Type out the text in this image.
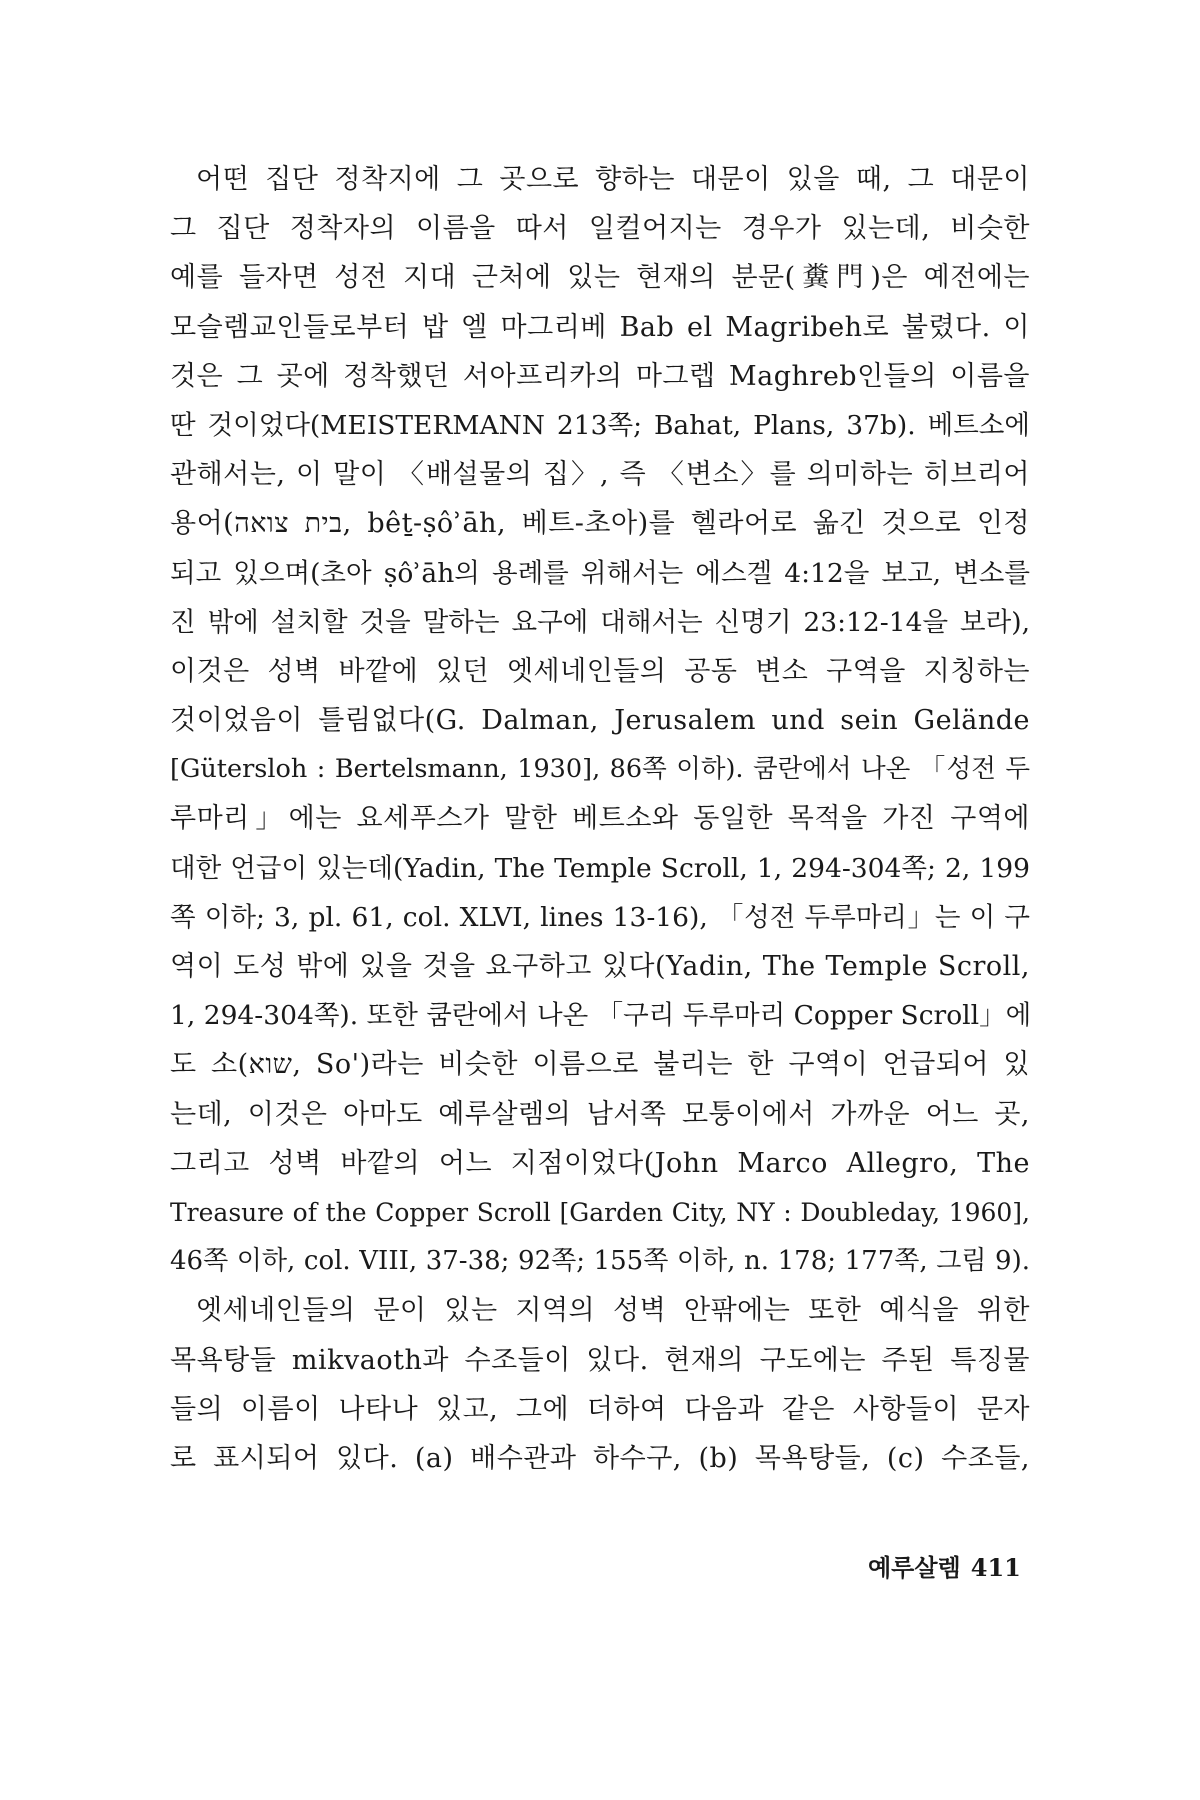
어떤 집단 정착지에 그 곳으로 향하는 대문이 있을 때, 그 대문이
그 집단 정착자의 이름을 따서 일컬어지는 경우가 있는데, 비슷한
예를 들자면 성전 지대 근처에 있는 현재의 분문(糞門)은 예전에는
모슬렘교인들로부터 밥 엘 마그리베 Bab el Magribeh로 불렸다. 이
것은 그 곳에 정착했던 서아프리카의 마그렙 Maghreb인들의 이름을
딴 것이었다(MEISTERMANN 213쪽; Bahat, Plans, 37b). 베트소에
관해서는, 이 말이 〈배설물의 집〉, 즉 〈변소〉를 의미하는 히브리어
용어(בית צואה, bêṯ-ṣôʾāh, 베트-초아)를 헬라어로 옮긴 것으로 인정
되고 있으며(초아 ṣôʾāh의 용례를 위해서는 에스겔 4:12을 보고, 변소를
진 밖에 설치할 것을 말하는 요구에 대해서는 신명기 23:12-14을 보라),
이것은 성벽 바깥에 있던 엣세네인들의 공동 변소 구역을 지칭하는
것이었음이 틀림없다(G. Dalman, Jerusalem und sein Gelände
[Gütersloh : Bertelsmann, 1930], 86쪽 이하). 쿰란에서 나온 「성전 두
루마리」에는 요세푸스가 말한 베트소와 동일한 목적을 가진 구역에
대한 언급이 있는데(Yadin, The Temple Scroll, 1, 294-304쪽; 2, 199
쪽 이하; 3, pl. 61, col. XLVI, lines 13-16), 「성전 두루마리」는 이 구
역이 도성 밖에 있을 것을 요구하고 있다(Yadin, The Temple Scroll,
1, 294-304쪽). 또한 쿰란에서 나온 「구리 두루마리 Copper Scroll」에
도 소(שוא, So')라는 비슷한 이름으로 불리는 한 구역이 언급되어 있
는데, 이것은 아마도 예루살렘의 남서쪽 모퉁이에서 가까운 어느 곳,
그리고 성벽 바깥의 어느 지점이었다(John Marco Allegro, The
Treasure of the Copper Scroll [Garden City, NY : Doubleday, 1960],
46쪽 이하, col. VIII, 37-38; 92쪽; 155쪽 이하, n. 178; 177쪽, 그림 9).
엣세네인들의 문이 있는 지역의 성벽 안팎에는 또한 예식을 위한
목욕탕들 mikvaoth과 수조들이 있다. 현재의 구도에는 주된 특징물
들의 이름이 나타나 있고, 그에 더하여 다음과 같은 사항들이 문자
로 표시되어 있다. (a) 배수관과 하수구, (b) 목욕탕들, (c) 수조들,
예루살렘 411
